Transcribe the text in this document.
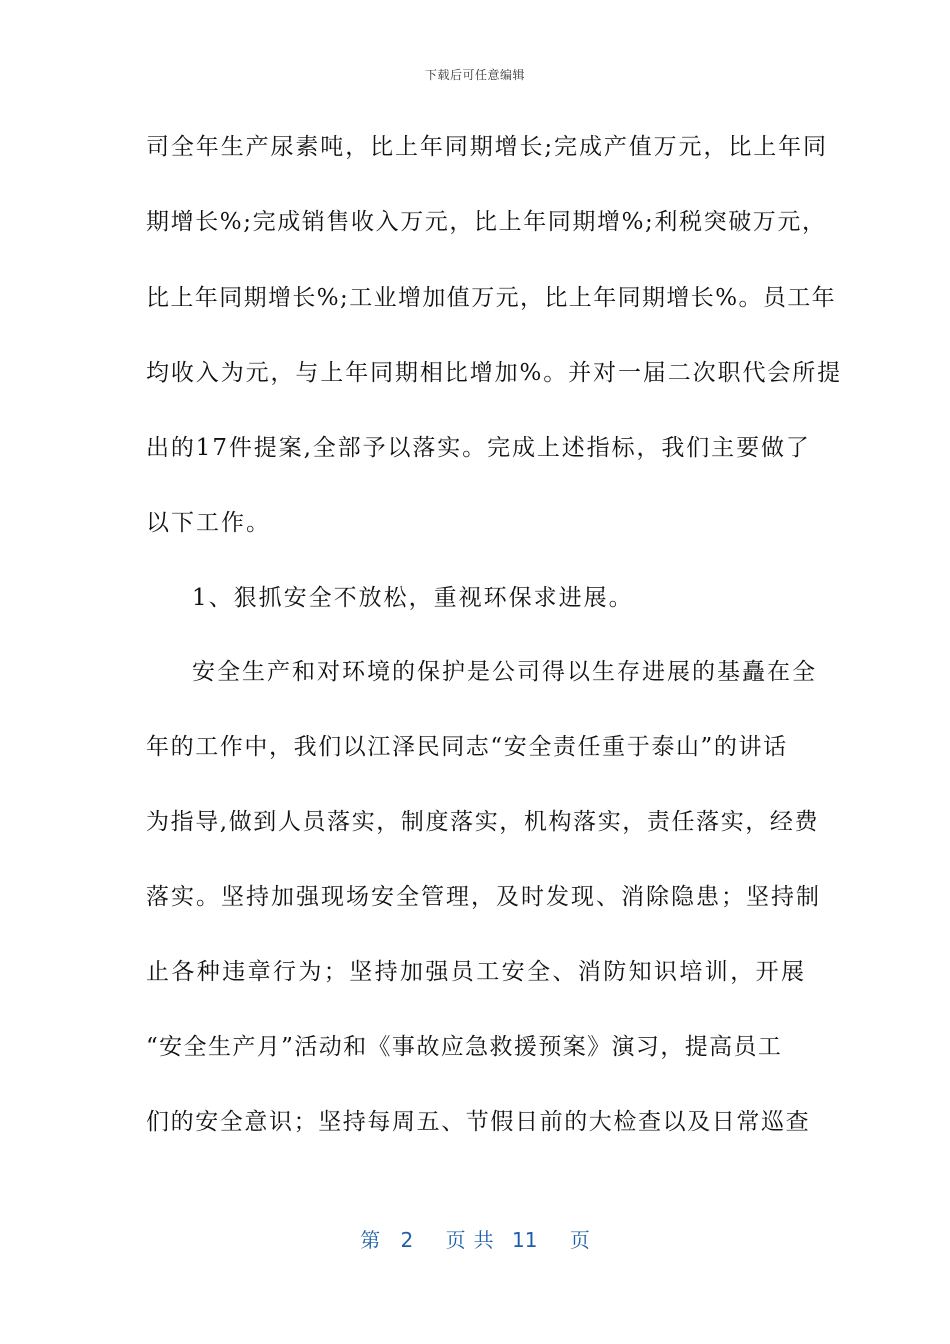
下载后可任意编辑
司全年生产尿素吨，比上年同期增长;完成产值万元，比上年同
期增长%;完成销售收入万元，比上年同期增%;利税突破万元，
比上年同期增长%;工业增加值万元，比上年同期增长%。员工年
均收入为元，与上年同期相比增加%。并对一届二次职代会所提
出的17件提案,全部予以落实。完成上述指标，我们主要做了
以下工作。
1、狠抓安全不放松，重视环保求进展。
安全生产和对环境的保护是公司得以生存进展的基矗在全
年的工作中，我们以江泽民同志“安全责任重于泰山”的讲话
为指导,做到人员落实，制度落实，机构落实，责任落实，经费
落实。坚持加强现场安全管理，及时发现、消除隐患；坚持制
止各种违章行为；坚持加强员工安全、消防知识培训，开展
“安全生产月”活动和《事故应急救援预案》演习，提高员工
们的安全意识；坚持每周五、节假日前的大检查以及日常巡查
第 2 页共 11 页
